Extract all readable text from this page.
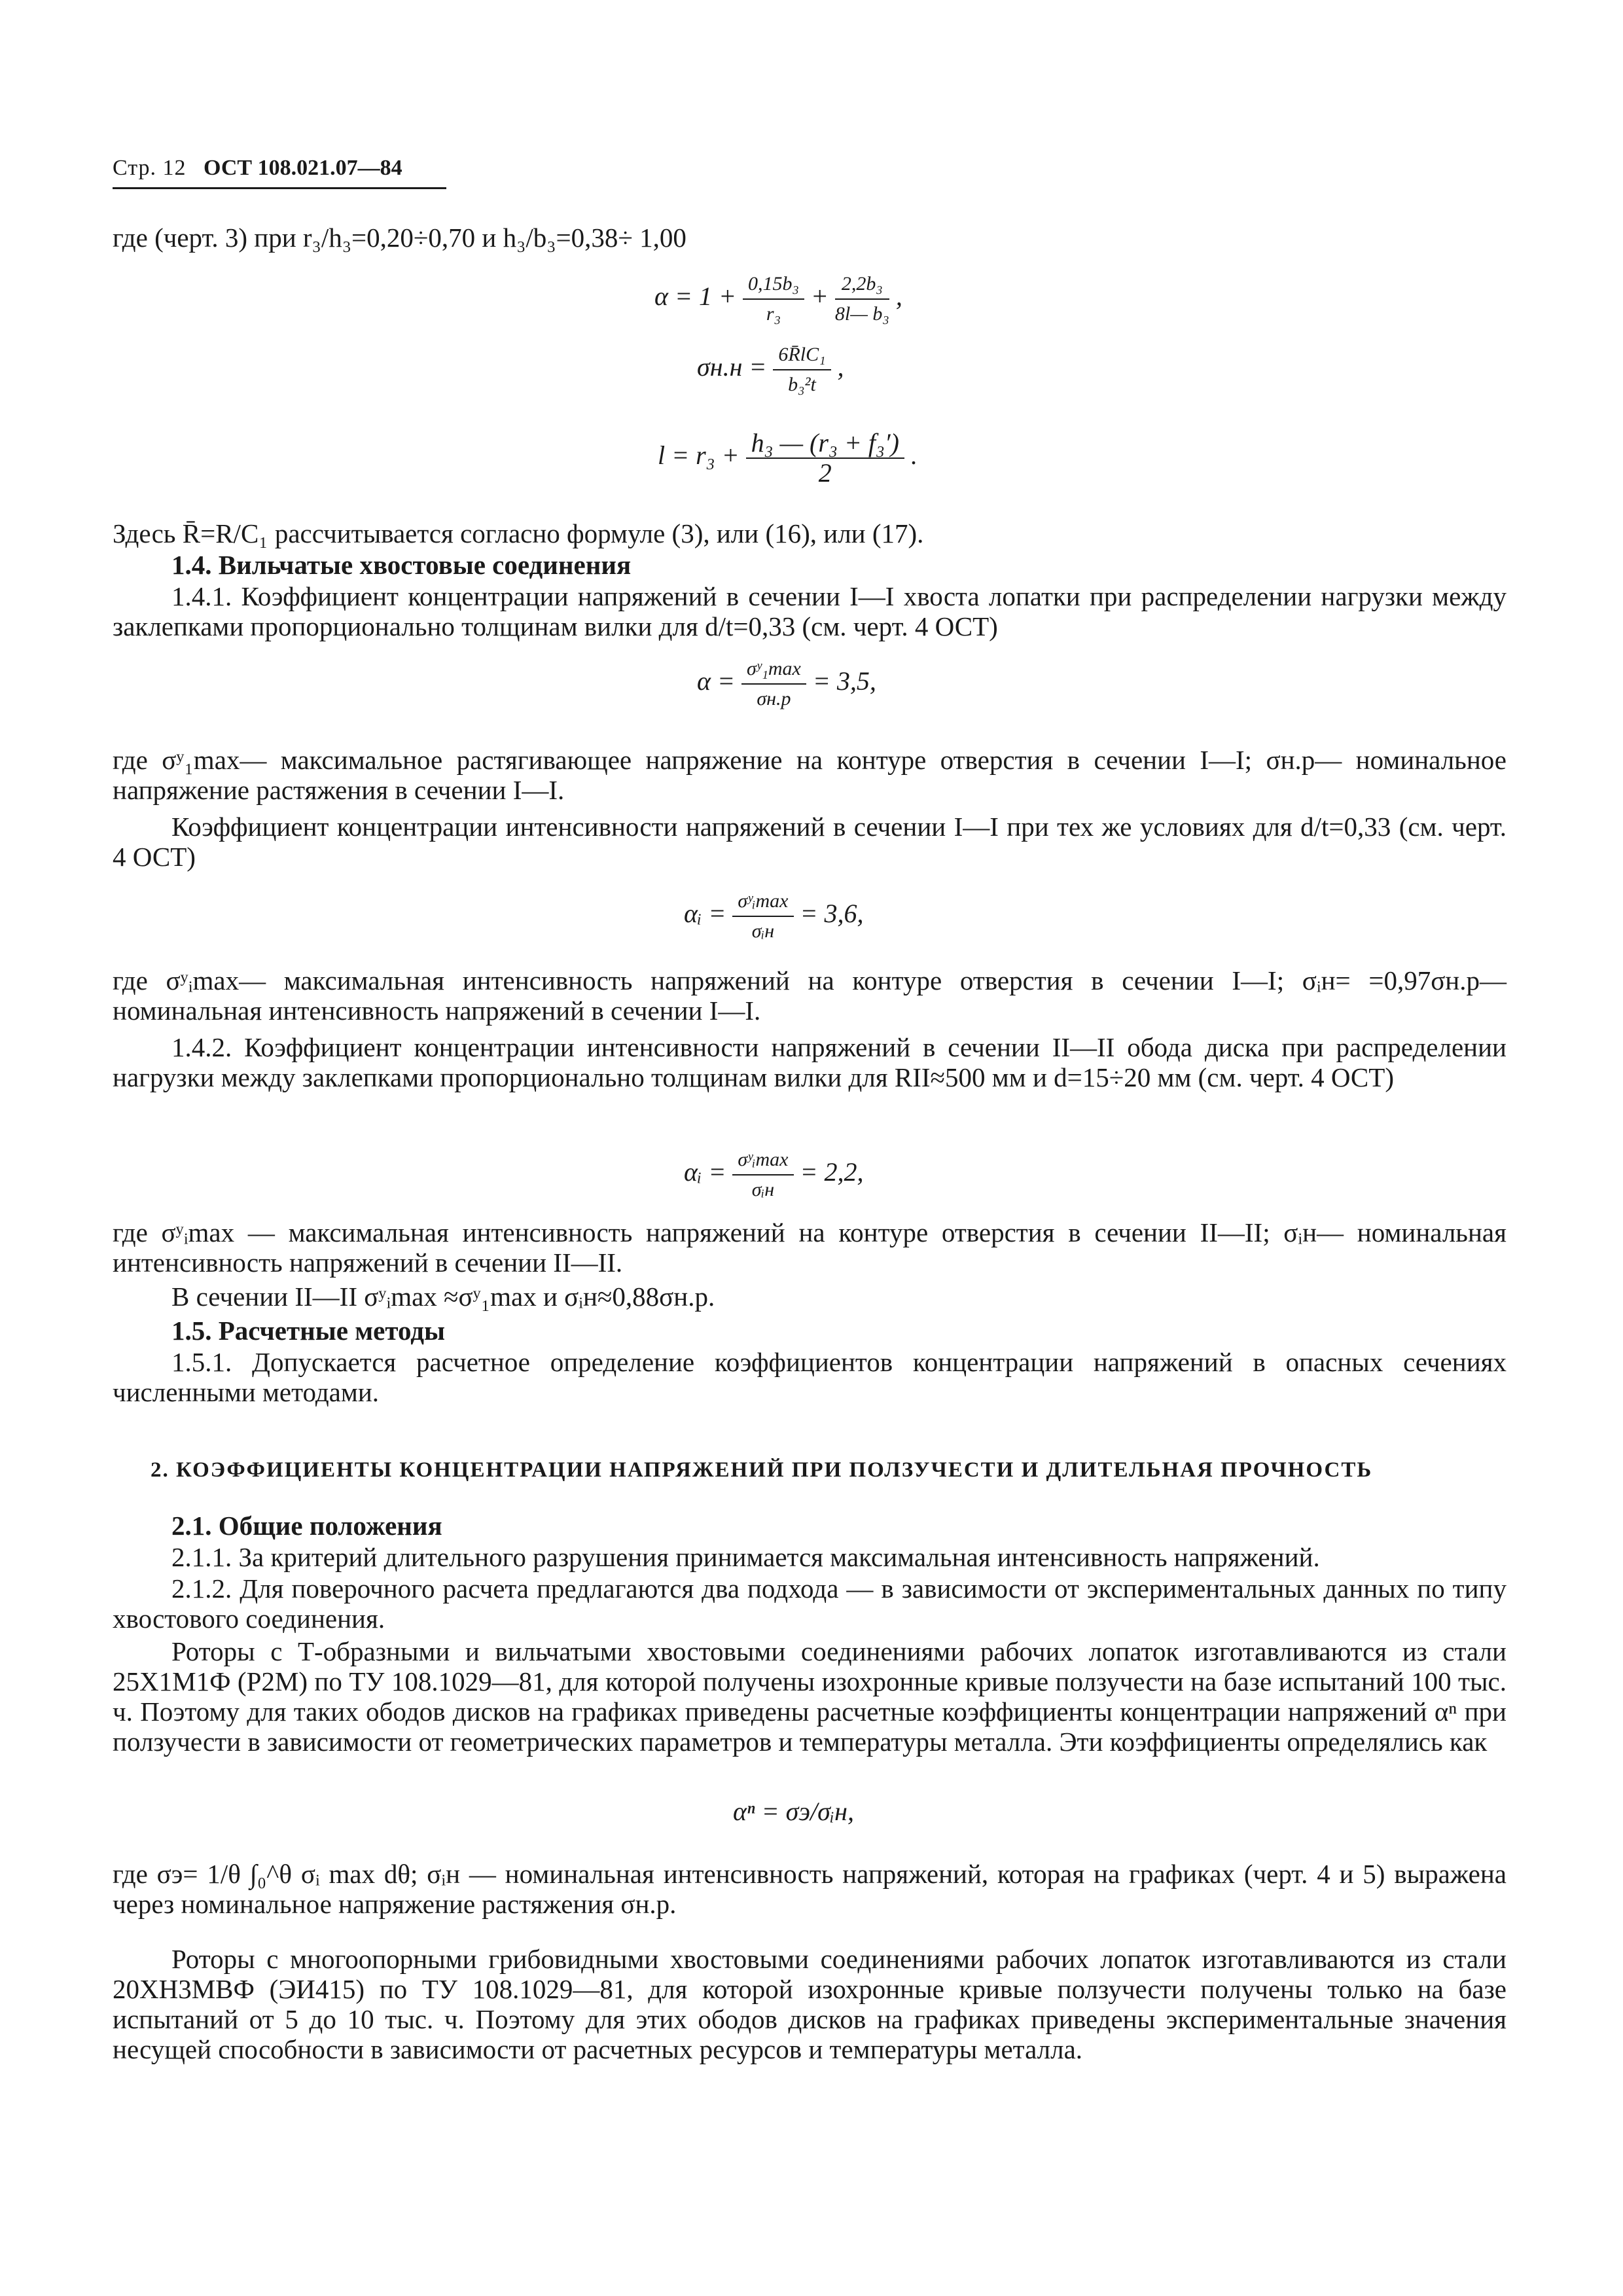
Стр. 12 ОСТ 108.021.07—84
где (черт. 3) при r₃/h₃=0,20÷0,70 и h₃/b₃=0,38÷ 1,00
$\alpha = 1 + \frac{\text{0,15b₃}}{\text{r₃}} + \frac{\text{2,2b₃}}{\text{8l— b₃}}$ ,
$\sigma н.н = \frac{\text{6R̄lC₁}}{\text{b₃²t}}$ ,
$l = r_3 + \frac{\text{h₃ — (r₃ + f₃′)}}{2}$ .
Здесь R̄=R/C₁ рассчитывается согласно формуле (3), или (16), или (17).
1.4. Вильчатые хвостовые соединения
1.4.1. Коэффициент концентрации напряжений в сечении I—I хвоста лопатки при распределении нагрузки между заклепками пропорционально толщинам вилки для d/t=0,33 (см. черт. 4 ОСТ)
$\alpha = \frac{\text{σʸ₁max}}{\sigma н.р} = 3,5$,
где σʸ₁max— максимальное растягивающее напряжение на контуре отверстия в сечении I—I; σн.р— номинальное напряжение растяжения в сечении I—I.
Коэффициент концентрации интенсивности напряжений в сечении I—I при тех же условиях для d/t=0,33 (см. черт. 4 ОСТ)
αᵢ = $\frac{\text{σʸᵢmax}}{\text{σᵢн}} = 3,6$,
где σʸᵢmax— максимальная интенсивность напряжений на контуре отверстия в сечении I—I; σᵢн= =0,97σн.р— номинальная интенсивность напряжений в сечении I—I.
1.4.2. Коэффициент концентрации интенсивности напряжений в сечении II—II обода диска при распределении нагрузки между заклепками пропорционально толщинам вилки для RII≈500 мм и d=15÷20 мм (см. черт. 4 ОСТ)
αᵢ = $\frac{\text{σʸᵢmax}}{\text{σᵢн}} = 2,2$,
где σʸᵢmax — максимальная интенсивность напряжений на контуре отверстия в сечении II—II; σᵢн— номинальная интенсивность напряжений в сечении II—II.
В сечении II—II σʸᵢmax ≈σʸ₁max и σᵢн≈0,88σн.р.
1.5. Расчетные методы
1.5.1. Допускается расчетное определение коэффициентов концентрации напряжений в опасных сечениях численными методами.
2. КОЭФФИЦИЕНТЫ КОНЦЕНТРАЦИИ НАПРЯЖЕНИЙ ПРИ ПОЛЗУЧЕСТИ И ДЛИТЕЛЬНАЯ ПРОЧНОСТЬ
2.1. Общие положения
2.1.1. За критерий длительного разрушения принимается максимальная интенсивность напряжений.
2.1.2. Для поверочного расчета предлагаются два подхода — в зависимости от экспериментальных данных по типу хвостового соединения.
Роторы с Т-образными и вильчатыми хвостовыми соединениями рабочих лопаток изготавливаются из стали 25Х1М1Ф (Р2М) по ТУ 108.1029—81, для которой получены изохронные кривые ползучести на базе испытаний 100 тыс. ч. Поэтому для таких ободов дисков на графиках приведены расчетные коэффициенты концентрации напряжений αⁿ при ползучести в зависимости от геометрических параметров и температуры металла. Эти коэффициенты определялись как
αⁿ = σэ/σᵢн,
где σэ= 1/θ ∫₀^θ σᵢ max dθ; σᵢн — номинальная интенсивность напряжений, которая на графиках (черт. 4 и 5) выражена через номинальное напряжение растяжения σн.р.
Роторы с многоопорными грибовидными хвостовыми соединениями рабочих лопаток изготавливаются из стали 20ХН3МВФ (ЭИ415) по ТУ 108.1029—81, для которой изохронные кривые ползучести получены только на базе испытаний от 5 до 10 тыс. ч. Поэтому для этих ободов дисков на графиках приведены экспериментальные значения несущей способности в зависимости от расчетных ресурсов и температуры металла.
